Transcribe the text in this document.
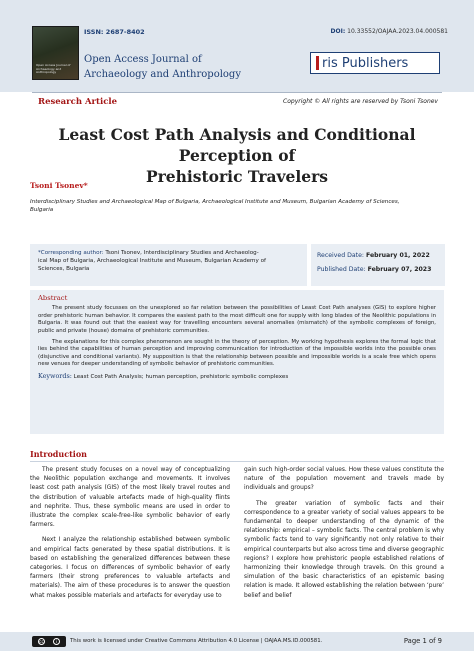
Open Access Journal of Archaeology and Anthropology
ISSN: 2687-8402
Open Access Journal of
Archaeology and Anthropology
DOI: 10.33552/OAJAA.2023.04.000581
ris Publishers
Research Article	Copyright © All rights are reserved by Tsoni Tsonev
Least Cost Path Analysis and Conditional Perception of
Prehistoric Travelers
Tsoni Tsonev*
Interdisciplinary Studies and Archaeological Map of Bulgaria, Archaeological Institute and Museum, Bulgarian Academy of Sciences,
Bulgaria
*Corresponding author: Tsoni Tsonev, Interdisciplinary Studies and Archaeolog-
ical Map of Bulgaria, Archaeological Institute and Museum, Bulgarian Academy of
Sciences, Bulgaria
Received Date: February 01, 2022
Published Date: February 07, 2023
Abstract

The present study focusses on the unexplored so far relation between the possibilities of Least Cost Path analyses (GIS) to explore higher order prehistoric human behavior. It compares the easiest path to the most difficult one for supply with long blades of the Neolithic populations in Bulgaria. It was found out that the easiest way for travelling encounters several anomalies (mismatch) of the symbolic complexes of foreign, public and private (house) domains of prehistoric communities.

The explanations for this complex phenomenon are sought in the theory of perception. My working hypothesis explores the formal logic that lies behind the capabilities of human perception and improving communication for introduction of the impossible worlds into the possible ones (disjunctive and conditional variants). My supposition is that the relationship between possible and impossible worlds is a scale free which opens new venues for deeper understanding of symbolic behavior of prehistoric communities.

Keywords: Least Cost Path Analysis; human perception, prehistoric symbolic complexes
Introduction

The present study focuses on a novel way of conceptualizing the Neolithic population exchange and movements. It involves least cost path analysis (GIS) of the most likely travel routes and the distribution of valuable artefacts made of high-quality flints and nephrite. Thus, these symbolic means are used in order to illustrate the complex scale-free-like symbolic behavior of early farmers.

Next I analyze the relationship established between symbolic and empirical facts generated by these spatial distributions. It is based on establishing the generalized differences between these categories. I focus on differences of symbolic behavior of early farmers (their strong preferences to valuable artefacts and materials). The aim of these procedures is to answer the question what makes possible materials and artefacts for everyday use to

gain such high-order social values. How these values constitute the nature of the population movement and travels made by individuals and groups?

The greater variation of symbolic facts and their correspondence to a greater variety of social values appears to be fundamental to deeper understanding of the dynamic of the relationship: empirical – symbolic facts. The central problem is why symbolic facts tend to vary significantly not only relative to their empirical counterparts but also across time and diverse geographic regions? I explore how prehistoric people established relations of harmonizing their knowledge through travels. On this ground a simulation of the basic characteristics of an epistemic basing relation is made. It allowed establishing the relation between ‘pure’ belief and belief

cc	i	This work is licensed under Creative Commons Attribution 4.0 License | OAJAA.MS.ID.000581.	Page 1 of 9
